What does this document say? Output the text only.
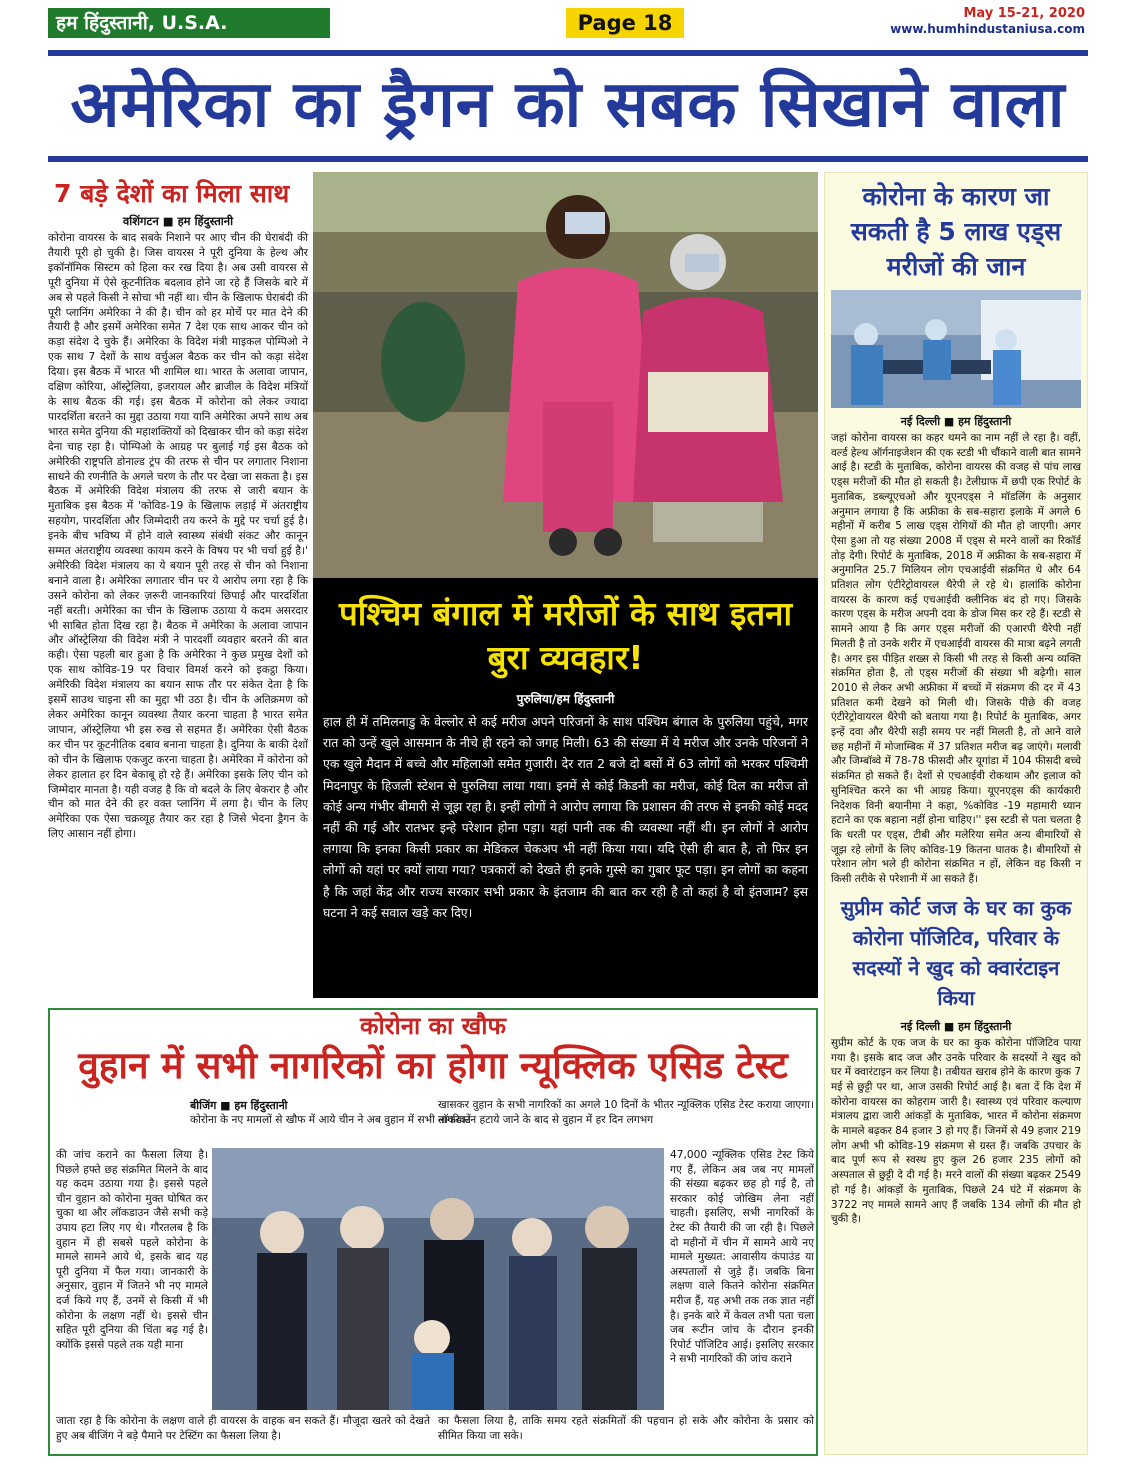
हम हिंदुस्तानी, U.S.A.	Page 18	May 15-21, 2020
www.humhindustaniusa.com
अमेरिका का ड्रैगन को सबक सिखाने वाला
7 बड़े देशों का मिला साथ
वशिंगटन ■ हम हिंदुस्तानी

कोरोना वायरस के बाद सबके निशाने पर आए चीन की घेराबंदी की तैयारी पूरी हो चुकी है। जिस वायरस ने पूरी दुनिया के हेल्थ और इकॉनॉमिक सिस्टम को हिला कर रख दिया है। अब उसी वायरस से पूरी दुनिया में ऐसे कूटनीतिक बदलाव होने जा रहे हैं जिसके बारे में अब से पहले किसी ने सोचा भी नहीं था। चीन के खिलाफ घेराबंदी की पूरी प्लानिंग अमेरिका ने की है। चीन को हर मोर्चे पर मात देने की तैयारी है और इसमें अमेरिका समेत 7 देश एक साथ आकर चीन को कड़ा संदेश दे चुके हैं। अमेरिका के विदेश मंत्री माइकल पोम्पिओ ने एक साथ 7 देशों के साथ वर्चुअल बैठक कर चीन को कड़ा संदेश दिया। इस बैठक में भारत भी शामिल था। भारत के अलावा जापान, दक्षिण कोरिया, ऑस्ट्रेलिया, इजरायल और ब्राजील के विदेश मंत्रियों के साथ बैठक की गई। इस बैठक में कोरोना को लेकर ज्यादा पारदर्शिता बरतने का मुद्दा उठाया गया यानि अमेरिका अपने साथ अब भारत समेत दुनिया की महाशक्तियों को दिखाकर चीन को कड़ा संदेश देना चाह रहा है। पोम्पिओ के आग्रह पर बुलाई गई इस बैठक को अमेरिकी राष्ट्रपति डोनाल्ड ट्रंप की तरफ से चीन पर लगातार निशाना साधने की रणनीति के अगले चरण के तौर पर देखा जा सकता है। इस बैठक में अमेरिकी विदेश मंत्रालय की तरफ से जारी बयान के मुताबिक इस बैठक में 'कोविड-19 के खिलाफ लड़ाई में अंतराष्ट्रीय सहयोग, पारदर्शिता और जिम्मेदारी तय करने के मुद्दे पर चर्चा हुई है। इनके बीच भविष्य में होने वाले स्वास्थ्य संबंधी संकट और कानून सम्मत अंतराष्ट्रीय व्यवस्था कायम करने के विषय पर भी चर्चा हुई है।' अमेरिकी विदेश मंत्रालय का ये बयान पूरी तरह से चीन को निशाना बनाने वाला है। अमेरिका लगातार चीन पर ये आरोप लगा रहा है कि उसने कोरोना को लेकर ज़रूरी जानकारियां छिपाई और पारदर्शिता नहीं बरती। अमेरिका का चीन के खिलाफ उठाया ये कदम असरदार भी साबित होता दिख रहा है। बैठक में अमेरिका के अलावा जापान और ऑस्ट्रेलिया की विदेश मंत्री ने पारदर्शी व्यवहार बरतने की बात कही। ऐसा पहली बार हुआ है कि अमेरिका ने कुछ प्रमुख देशों को एक साथ कोविड-19 पर विचार विमर्श करने को इकट्ठा किया। अमेरिकी विदेश मंत्रालय का बयान साफ तौर पर संकेत देता है कि इसमें साउथ चाइना सी का मुद्दा भी उठा है। चीन के अतिक्रमण को लेकर अमेरिका कानून व्यवस्था तैयार करना चाहता है भारत समेत जापान, ऑस्ट्रेलिया भी इस रुख से सहमत हैं। अमेरिका ऐसी बैठक कर चीन पर कूटनीतिक दबाव बनाना चाहता है। दुनिया के बाकी देशों को चीन के खिलाफ एकजुट करना चाहता है। अमेरिका में कोरोना को लेकर हालात हर दिन बेकाबू हो रहे हैं। अमेरिका इसके लिए चीन को जिम्मेदार मानता है। यही वजह है कि वो बदले के लिए बेकरार है और चीन को मात देने की हर वक्त प्लानिंग में लगा है। चीन के लिए अमेरिका एक ऐसा चक्रव्यूह तैयार कर रहा है जिसे भेदना ड्रैगन के लिए आसान नहीं होगा।

पश्चिम बंगाल में मरीजों के साथ इतना बुरा व्यवहार!
पुरुलिया/हम हिंदुस्तानी

हाल ही में तमिलनाडु के वेल्लोर से कई मरीज अपने परिजनों के साथ पश्चिम बंगाल के पुरुलिया पहुंचे, मगर रात को उन्हें खुले आसमान के नीचे ही रहने को जगह मिली। 63 की संख्या में ये मरीज और उनके परिजनों ने एक खुले मैदान में बच्चे और महिलाओ समेत गुजारी। देर रात 2 बजे दो बसों में 63 लोगों को भरकर पश्चिमी मिदनापुर के हिजली स्टेशन से पुरुलिया लाया गया। इनमें से कोई किडनी का मरीज, कोई दिल का मरीज तो कोई अन्य गंभीर बीमारी से जूझ रहा है। इन्हीं लोगों ने आरोप लगाया कि प्रशासन की तरफ से इनकी कोई मदद नहीं की गई और रातभर इन्हे परेशान होना पड़ा। यहां पानी तक की व्यवस्था नहीं थी। इन लोगों ने आरोप लगाया कि इनका किसी प्रकार का मेडिकल चेकअप भी नहीं किया गया। यदि ऐसी ही बात है, तो फिर इन लोगों को यहां पर क्यों लाया गया? पत्रकारों को देखते ही इनके गुस्से का गुबार फूट पड़ा। इन लोगों का कहना है कि जहां केंद्र और राज्य सरकार सभी प्रकार के इंतजाम की बात कर रही है तो कहां है वो इंतजाम? इस घटना ने कई सवाल खड़े कर दिए।

कोरोना के कारण जा सकती है 5 लाख एड्स मरीजों की जान
नई दिल्ली ■ हम हिंदुस्तानी

जहां कोरोना वायरस का कहर थमने का नाम नहीं ले रहा है। वहीं, वर्ल्ड हेल्थ ऑर्गनाइजेशन की एक स्टडी भी चौंकाने वाली बात सामने आई है। स्टडी के मुताबिक, कोरोना वायरस की वजह से पांच लाख एड्स मरीजों की मौत हो सकती है। टेलीग्राफ में छपी एक रिपोर्ट के मुताबिक, डब्ल्यूएचओ और यूएनएड्स ने मॉडलिंग के अनुसार अनुमान लगाया है कि अफ्रीका के सब-सहारा इलाके में अगले 6 महीनों में करीब 5 लाख एड्स रोगियों की मौत हो जाएगी। अगर ऐसा हुआ तो यह संख्या 2008 में एड्स से मरने वालों का रिकॉर्ड तोड़ देगी। रिपोर्ट के मुताबिक, 2018 में अफ्रीका के सब-सहारा में अनुमानित 25.7 मिलियन लोग एचआईवी संक्रमित थे और 64 प्रतिशत लोग एंटीरेट्रोवायरल थैरेपी ले रहे थे। हालांकि कोरोना वायरस के कारण कई एचआईवी क्लीनिक बंद हो गए। जिसके कारण एड्स के मरीज अपनी दवा के डोज मिस कर रहे हैं। स्टडी से सामने आया है कि अगर एड्स मरीजों की एआरपी थैरेपी नहीं मिलती है तो उनके शरीर में एचआईवी वायरस की मात्रा बढ़ने लगती है। अगर इस पीड़ित शख्स से किसी भी तरह से किसी अन्य व्यक्ति संक्रमित होता है, तो एड्स मरीजों की संख्या भी बढ़ेगी। साल 2010 से लेकर अभी अफ्रीका में बच्चों में संक्रमण की दर में 43 प्रतिशत कमी देखने को मिली थी। जिसके पीछे की वजह एंटीरेट्रोवायरल थैरेपी को बताया गया है। रिपोर्ट के मुताबिक, अगर इन्हें दवा और थैरेपी सही समय पर नहीं मिलती है, तो आने वाले छह महीनों में मोजाम्बिक में 37 प्रतिशत मरीज बढ़ जाएंगे। मलावी और जिम्बॉब्वे में 78-78 फीसदी और यूगांडा में 104 फीसदी बच्चे संक्रमित हो सकते हैं। देशों से एचआईवी रोकथाम और इलाज को सुनिश्चित करने का भी आग्रह किया। यूएनएड्स की कार्यकारी निदेशक विनी बयानीमा ने कहा, %कोविड -19 महामारी ध्यान हटाने का एक बहाना नहीं होना चाहिए।'' इस स्टडी से पता चलता है कि धरती पर एड्स, टीबी और मलेरिया समेत अन्य बीमारियों से जूझ रहे लोगों के लिए कोविड-19 कितना घातक है। बीमारियों से परेशान लोग भले ही कोरोना संक्रमित न हों, लेकिन वह किसी न किसी तरीके से परेशानी में आ सकते हैं।

सुप्रीम कोर्ट जज के घर का कुक कोरोना पॉजिटिव, परिवार के सदस्यों ने खुद को क्वारंटाइन किया
नई दिल्ली ■ हम हिंदुस्तानी

सुप्रीम कोर्ट के एक जज के घर का कुक कोरोना पॉजिटिव पाया गया है। इसके बाद जज और उनके परिवार के सदस्यों ने खुद को घर में क्वारंटाइन कर लिया है। तबीयत खराब होने के कारण कुक 7 मई से छुट्टी पर था, आज उसकी रिपोर्ट आई है। बता दें कि देश में कोरोना वायरस का कोहराम जारी है। स्वास्थ्य एवं परिवार कल्याण मंत्रालय द्वारा जारी आंकड़ों के मुताबिक, भारत में कोरोना संक्रमण के मामले बढ़कर 84 हजार 3 हो गए हैं। जिनमें से 49 हजार 219 लोग अभी भी कोविड-19 संक्रमण से ग्रस्त हैं। जबकि उपचार के बाद पूर्ण रूप से स्वस्थ हुए कुल 26 हजार 235 लोगों को अस्पताल से छुट्टी दे दी गई है। मरने वालों की संख्या बढ़कर 2549 हो गई है। आंकड़ों के मुताबिक, पिछले 24 घंटे में संक्रमण के 3722 नए मामले सामने आए हैं जबकि 134 लोगों की मौत हो चुकी है।

कोरोना का खौफ
वुहान में सभी नागरिकों का होगा न्यूक्लिक एसिड टेस्ट
बीजिंग ■ हम हिंदुस्तानी

कोरोना के नए मामलों से खौफ में आये चीन ने अब वुहान में सभी नागरिकों

खासकर वुहान के सभी नागरिकों का अगले 10 दिनों के भीतर न्यूक्लिक एसिड टेस्ट कराया जाएगा। लॉकडाउन हटाये जाने के बाद से वुहान में हर दिन लगभग

की जांच कराने का फैसला लिया है। पिछले हफ्ते छह संक्रमित मिलने के बाद यह कदम उठाया गया है। इससे पहले चीन वुहान को कोरोना मुक्त घोषित कर चुका था और लॉकडाउन जैसे सभी कड़े उपाय हटा लिए गए थे। गौरतलब है कि वुहान में ही सबसे पहले कोरोना के मामले सामने आये थे, इसके बाद यह पूरी दुनिया में फैल गया। जानकारी के अनुसार, वुहान में जितने भी नए मामले दर्ज किये गए हैं, उनमें से किसी में भी कोरोना के लक्षण नहीं थे। इससे चीन सहित पूरी दुनिया की चिंता बढ़ गई है। क्योंकि इससे पहले तक यही माना

47,000 न्यूक्लिक एसिड टेस्ट किये गए हैं, लेकिन अब जब नए मामलों की संख्या बढ़कर छह हो गई है, तो सरकार कोई जोखिम लेना नहीं चाहती। इसलिए, सभी नागरिकों के टेस्ट की तैयारी की जा रही है। पिछले दो महीनों में चीन में सामने आये नए मामले मुख्यत: आवासीय कंपाउंड या अस्पतालों से जुड़े हैं। जबकि बिना लक्षण वाले कितने कोरोना संक्रमित मरीज हैं, यह अभी तक तक ज्ञात नहीं है। इनके बारे में केवल तभी पता चला जब रूटीन जांच के दौरान इनकी रिपोर्ट पॉजिटिव आई। इसलिए सरकार ने सभी नागरिकों की जांच कराने

जाता रहा है कि कोरोना के लक्षण वाले ही वायरस के वाहक बन सकते हैं। मौजूदा खतरे को देखते हुए अब बीजिंग ने बड़े पैमाने पर टेस्टिंग का फैसला लिया है।

का फैसला लिया है, ताकि समय रहते संक्रमितों की पहचान हो सके और कोरोना के प्रसार को सीमित किया जा सके।
